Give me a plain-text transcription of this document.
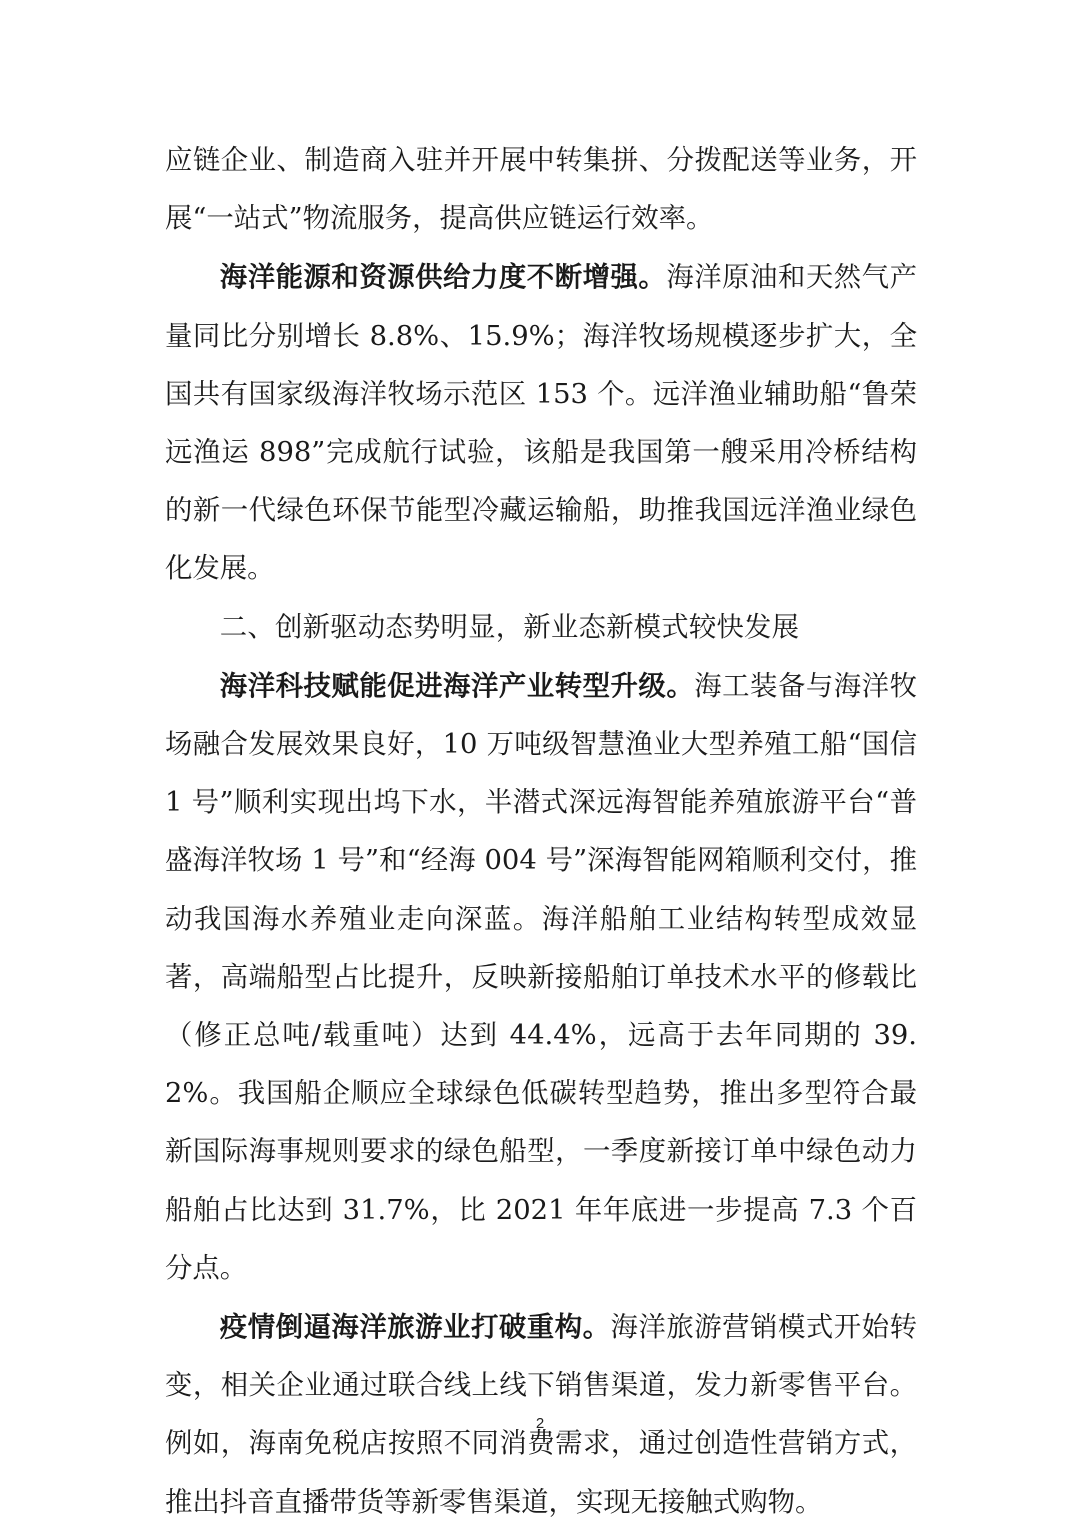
应链企业、制造商入驻并开展中转集拼、分拨配送等业务，开展“一站式”物流服务，提高供应链运行效率。

海洋能源和资源供给力度不断增强。海洋原油和天然气产量同比分别增长 8.8%、15.9%；海洋牧场规模逐步扩大，全国共有国家级海洋牧场示范区 153 个。远洋渔业辅助船“鲁荣远渔运 898”完成航行试验，该船是我国第一艘采用冷桥结构的新一代绿色环保节能型冷藏运输船，助推我国远洋渔业绿色化发展。

二、创新驱动态势明显，新业态新模式较快发展

海洋科技赋能促进海洋产业转型升级。海工装备与海洋牧场融合发展效果良好，10 万吨级智慧渔业大型养殖工船“国信 1 号”顺利实现出坞下水，半潜式深远海智能养殖旅游平台“普盛海洋牧场 1 号”和“经海 004 号”深海智能网箱顺利交付，推动我国海水养殖业走向深蓝。海洋船舶工业结构转型成效显著，高端船型占比提升，反映新接船舶订单技术水平的修载比（修正总吨/载重吨）达到 44.4%，远高于去年同期的 39.2%。我国船企顺应全球绿色低碳转型趋势，推出多型符合最新国际海事规则要求的绿色船型，一季度新接订单中绿色动力船舶占比达到 31.7%，比 2021 年年底进一步提高 7.3 个百分点。

疫情倒逼海洋旅游业打破重构。海洋旅游营销模式开始转变，相关企业通过联合线上线下销售渠道，发力新零售平台。例如，海南免税店按照不同消费需求，通过创造性营销方式，推出抖音直播带货等新零售渠道，实现无接触式购物。

2
